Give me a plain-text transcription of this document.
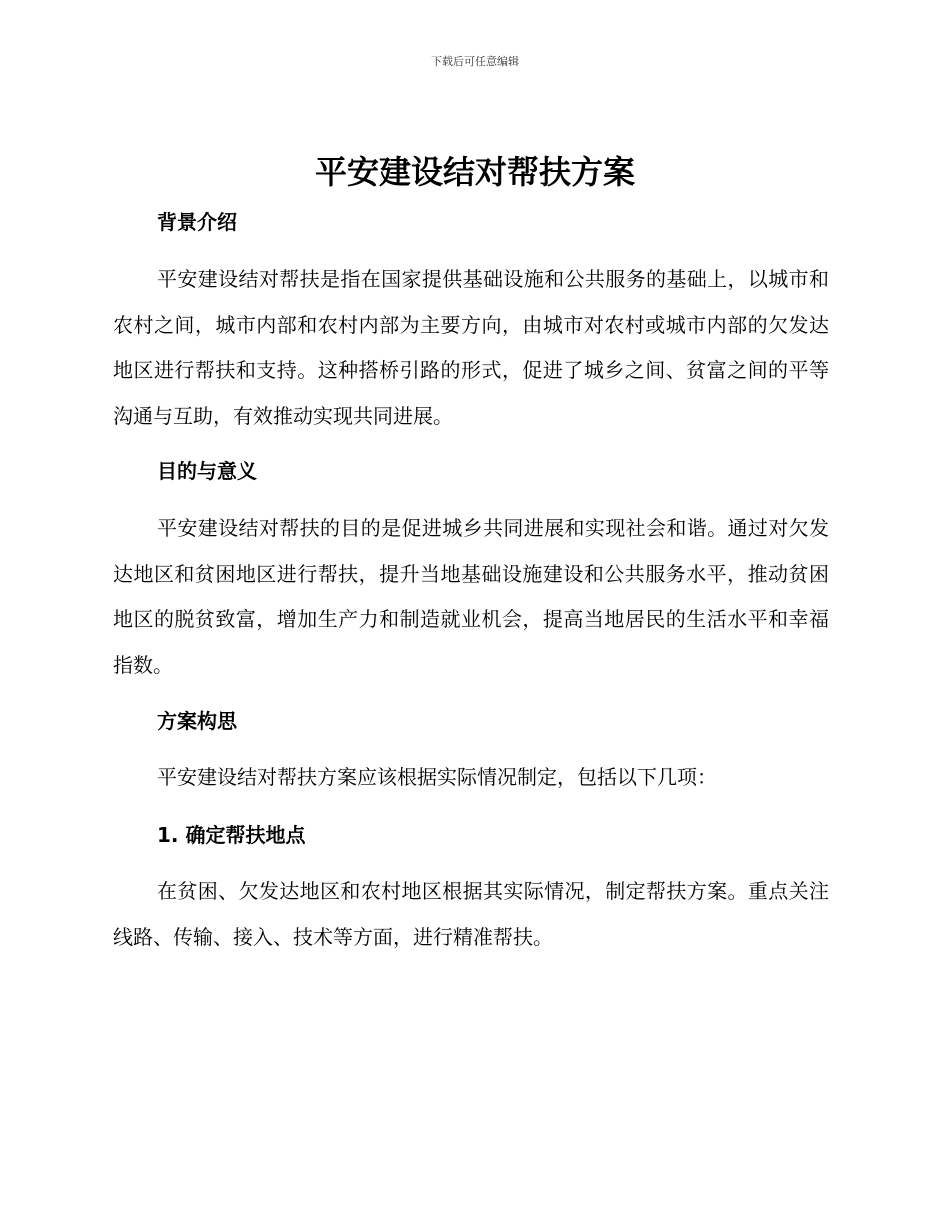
下载后可任意编辑
平安建设结对帮扶方案
背景介绍

平安建设结对帮扶是指在国家提供基础设施和公共服务的基础上，以城市和农村之间，城市内部和农村内部为主要方向，由城市对农村或城市内部的欠发达地区进行帮扶和支持。这种搭桥引路的形式，促进了城乡之间、贫富之间的平等沟通与互助，有效推动实现共同进展。

目的与意义

平安建设结对帮扶的目的是促进城乡共同进展和实现社会和谐。通过对欠发达地区和贫困地区进行帮扶，提升当地基础设施建设和公共服务水平，推动贫困地区的脱贫致富，增加生产力和制造就业机会，提高当地居民的生活水平和幸福指数。

方案构思

平安建设结对帮扶方案应该根据实际情况制定，包括以下几项：

1. 确定帮扶地点

在贫困、欠发达地区和农村地区根据其实际情况，制定帮扶方案。重点关注线路、传输、接入、技术等方面，进行精准帮扶。
